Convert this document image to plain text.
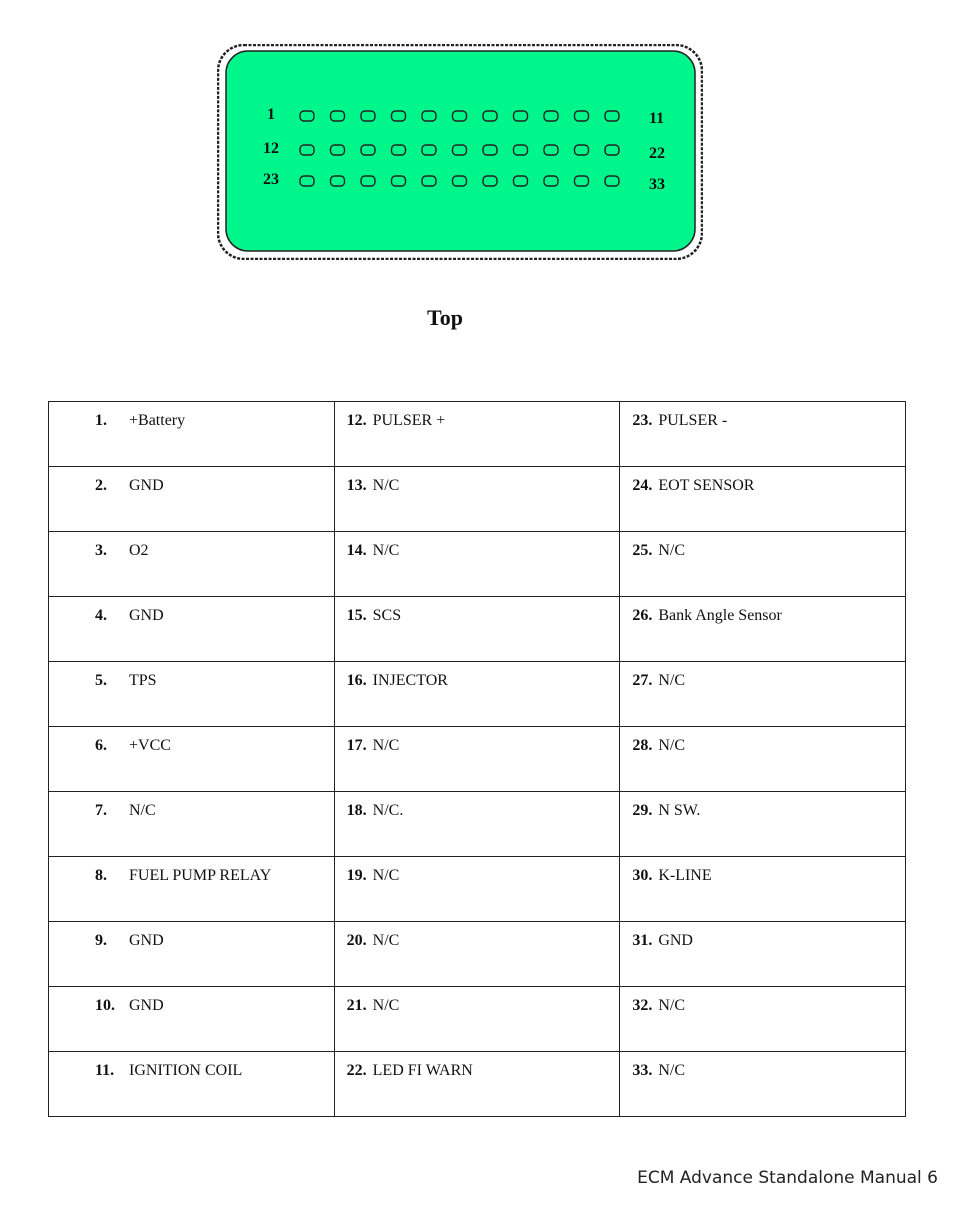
1	11
12	22
23	33
Top
1. +Battery	12. PULSER +	23. PULSER -
2. GND	13. N/C	24. EOT SENSOR
3. O2	14. N/C	25. N/C
4. GND	15. SCS	26. Bank Angle Sensor
5. TPS	16. INJECTOR	27. N/C
6. +VCC	17. N/C	28. N/C
7. N/C	18. N/C.	29. N SW.
8. FUEL PUMP RELAY	19. N/C	30. K-LINE
9. GND	20. N/C	31. GND
10. GND	21. N/C	32. N/C
11. IGNITION COIL	22. LED FI WARN	33. N/C
ECM Advance Standalone Manual 6
